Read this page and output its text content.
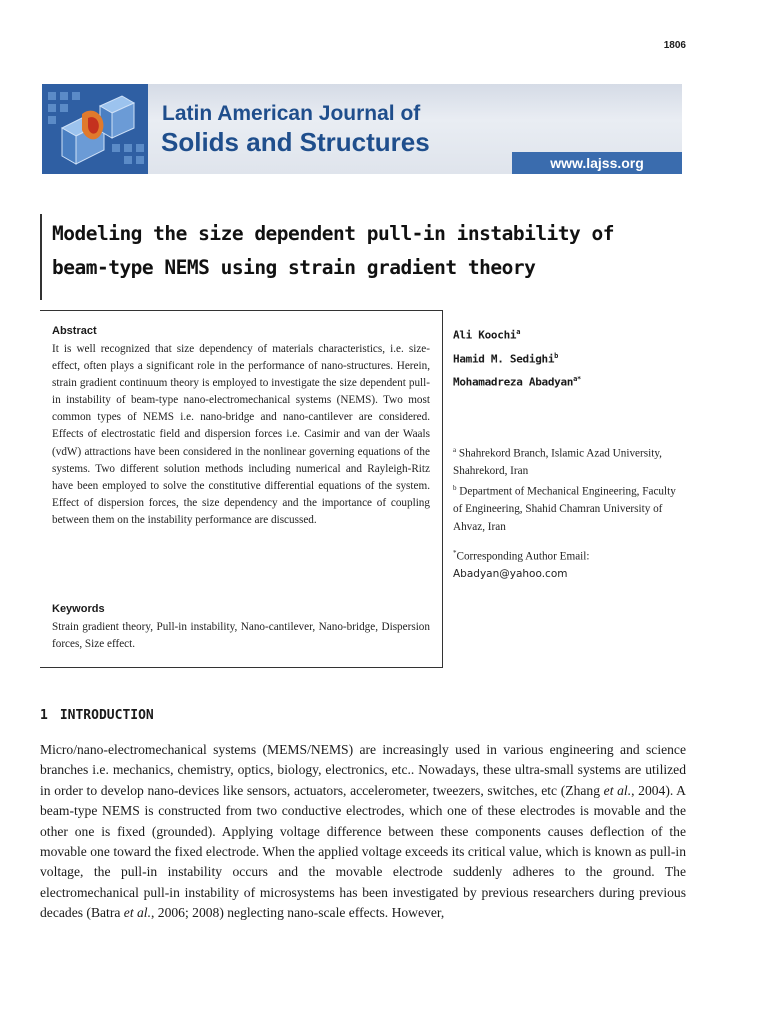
1806
Latin American Journal of
Solids and Structures
www.lajss.org
Modeling the size dependent pull-in instability of
beam-type NEMS using strain gradient theory

Abstract

It is well recognized that size dependency of materials characteristics, i.e. size-effect, often plays a significant role in the performance of nano-structures. Herein, strain gradient continuum theory is employed to investigate the size dependent pull-in instability of beam-type nano-electromechanical systems (NEMS). Two most common types of NEMS i.e. nano-bridge and nano-cantilever are considered. Effects of electrostatic field and dispersion forces i.e. Casimir and van der Waals (vdW) attractions have been considered in the nonlinear governing equations of the systems. Two different solution methods including numerical and Rayleigh-Ritz have been employed to solve the constitutive differential equations of the system. Effect of dispersion forces, the size dependency and the importance of coupling between them on the instability performance are discussed.

Keywords

Strain gradient theory, Pull-in instability, Nano-cantilever, Nano-bridge, Dispersion forces, Size effect.

Ali Koochi$^a$
Hamid M. Sedighi$^b$
Mohamadreza Abadyan$^{a*}$

$^a$ Shahrekord Branch, Islamic Azad University, Shahrekord, Iran

$^b$ Department of Mechanical Engineering, Faculty of Engineering, Shahid Chamran University of Ahvaz, Iran

*Corresponding Author Email:

Abadyan@yahoo.com

1 INTRODUCTION

Micro/nano-electromechanical systems (MEMS/NEMS) are increasingly used in various engineering and science branches i.e. mechanics, chemistry, optics, biology, electronics, etc.. Nowadays, these ultra-small systems are utilized in order to develop nano-devices like sensors, actuators, accelerometer, tweezers, switches, etc (Zhang et al., 2004). A beam-type NEMS is constructed from two conductive electrodes, which one of these electrodes is movable and the other one is fixed (grounded). Applying voltage difference between these components causes deflection of the movable one toward the fixed electrode. When the applied voltage exceeds its critical value, which is known as pull-in voltage, the pull-in instability occurs and the movable electrode suddenly adheres to the ground. The electromechanical pull-in instability of microsystems has been investigated by previous researchers during previous decades (Batra et al., 2006; 2008) neglecting nano-scale effects. However,
